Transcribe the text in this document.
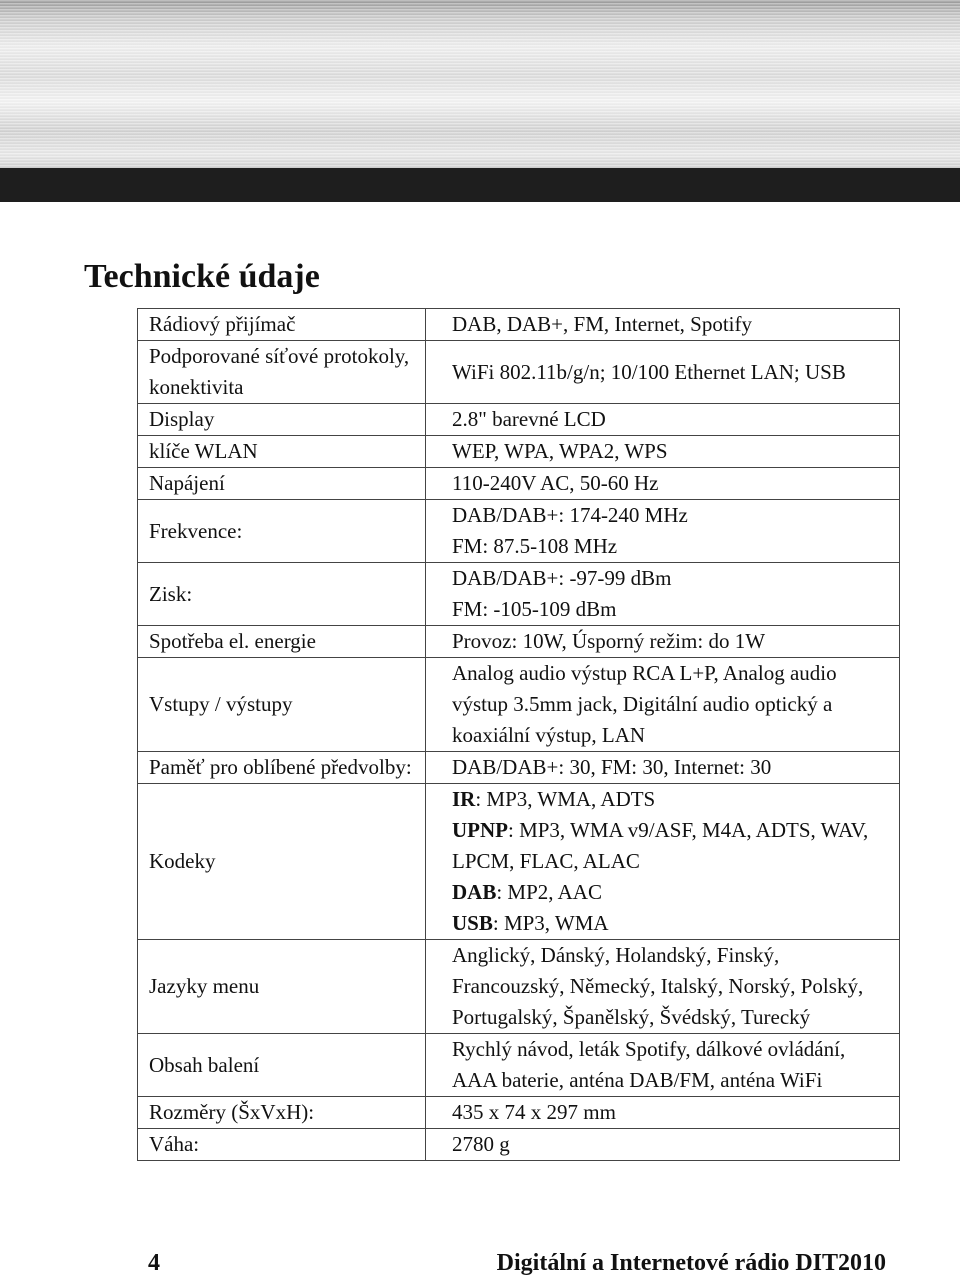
Technické údaje
Rádiový přijímač	DAB, DAB+, FM, Internet, Spotify
Podporované síťové protokoly, konektivita	WiFi 802.11b/g/n; 10/100 Ethernet LAN; USB
Display	2.8" barevné LCD
klíče WLAN	WEP, WPA, WPA2, WPS
Napájení	110-240V AC, 50-60 Hz
Frekvence:	DAB/DAB+: 174-240 MHz
FM: 87.5-108 MHz

Zisk:	DAB/DAB+: -97-99 dBm
FM: -105-109 dBm

Spotřeba el. energie	Provoz: 10W, Úsporný režim: do 1W
Vstupy / výstupy	Analog audio výstup RCA L+P, Analog audio výstup 3.5mm jack, Digitální audio optický a koaxiální výstup, LAN
Paměť pro oblíbené předvolby:	DAB/DAB+: 30, FM: 30, Internet: 30
Kodeky	IR: MP3, WMA, ADTS
UPNP: MP3, WMA v9/ASF, M4A, ADTS, WAV, LPCM, FLAC, ALAC
DAB: MP2, AAC
USB: MP3, WMA

Jazyky menu	Anglický, Dánský, Holandský, Finský, Francouzský, Německý, Italský, Norský, Polský, Portugalský, Španělský, Švédský, Turecký
Obsah balení	Rychlý návod, leták Spotify, dálkové ovládání, AAA baterie, anténa DAB/FM, anténa WiFi
Rozměry (ŠxVxH):	435 x 74 x 297 mm
Váha:	2780 g
4	Digitální a Internetové rádio DIT2010
